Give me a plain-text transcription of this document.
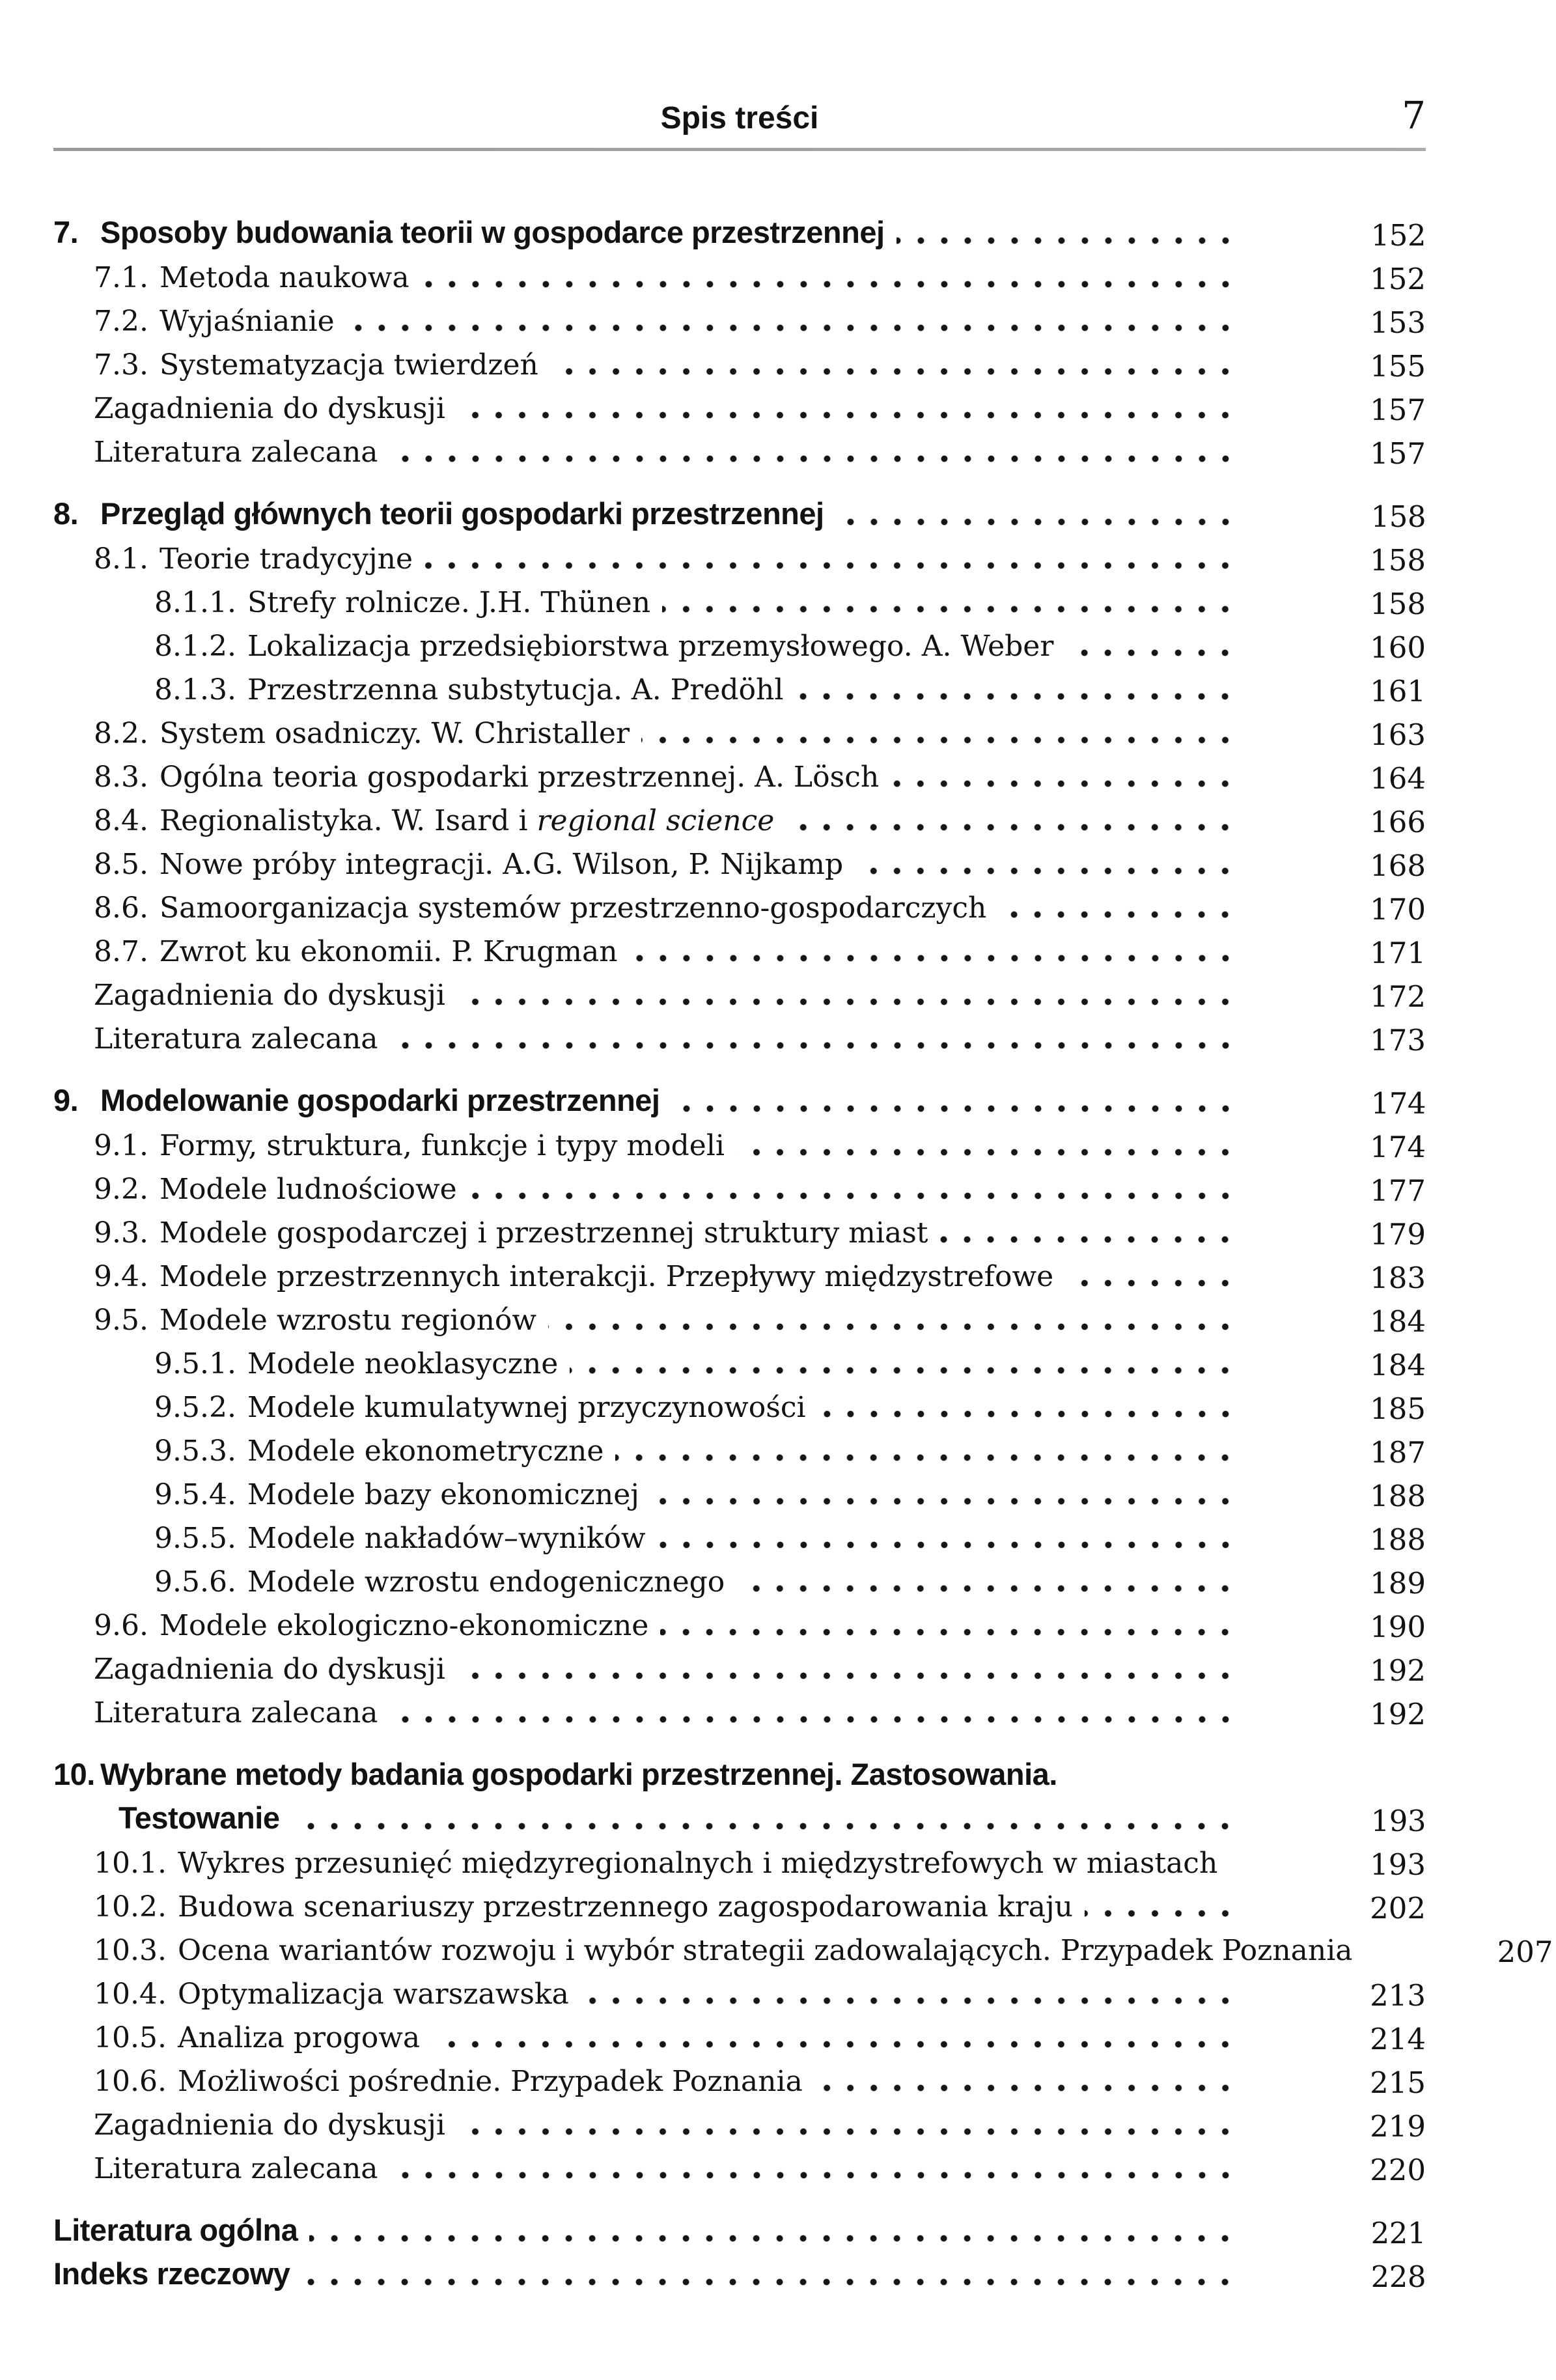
Spis treści	7
7. Sposoby budowania teorii w gospodarce przestrzennej	152
7.1. Metoda naukowa	152
7.2. Wyjaśnianie	153
7.3. Systematyzacja twierdzeń	155
Zagadnienia do dyskusji	157
Literatura zalecana	157
8. Przegląd głównych teorii gospodarki przestrzennej	158
8.1. Teorie tradycyjne	158
8.1.1. Strefy rolnicze. J.H. Thünen	158
8.1.2. Lokalizacja przedsiębiorstwa przemysłowego. A. Weber	160
8.1.3. Przestrzenna substytucja. A. Predöhl	161
8.2. System osadniczy. W. Christaller	163
8.3. Ogólna teoria gospodarki przestrzennej. A. Lösch	164
8.4. Regionalistyka. W. Isard i regional science	166
8.5. Nowe próby integracji. A.G. Wilson, P. Nijkamp	168
8.6. Samoorganizacja systemów przestrzenno-gospodarczych	170
8.7. Zwrot ku ekonomii. P. Krugman	171
Zagadnienia do dyskusji	172
Literatura zalecana	173
9. Modelowanie gospodarki przestrzennej	174
9.1. Formy, struktura, funkcje i typy modeli	174
9.2. Modele ludnościowe	177
9.3. Modele gospodarczej i przestrzennej struktury miast	179
9.4. Modele przestrzennych interakcji. Przepływy międzystrefowe	183
9.5. Modele wzrostu regionów	184
9.5.1. Modele neoklasyczne	184
9.5.2. Modele kumulatywnej przyczynowości	185
9.5.3. Modele ekonometryczne	187
9.5.4. Modele bazy ekonomicznej	188
9.5.5. Modele nakładów–wyników	188
9.5.6. Modele wzrostu endogenicznego	189
9.6. Modele ekologiczno-ekonomiczne	190
Zagadnienia do dyskusji	192
Literatura zalecana	192
10. Wybrane metody badania gospodarki przestrzennej. Zastosowania.
Testowanie	193
10.1. Wykres przesunięć międzyregionalnych i międzystrefowych w miastach	193
10.2. Budowa scenariuszy przestrzennego zagospodarowania kraju	202
10.3. Ocena wariantów rozwoju i wybór strategii zadowalających. Przypadek Poznania	207
10.4. Optymalizacja warszawska	213
10.5. Analiza progowa	214
10.6. Możliwości pośrednie. Przypadek Poznania	215
Zagadnienia do dyskusji	219
Literatura zalecana	220
Literatura ogólna	221
Indeks rzeczowy	228
